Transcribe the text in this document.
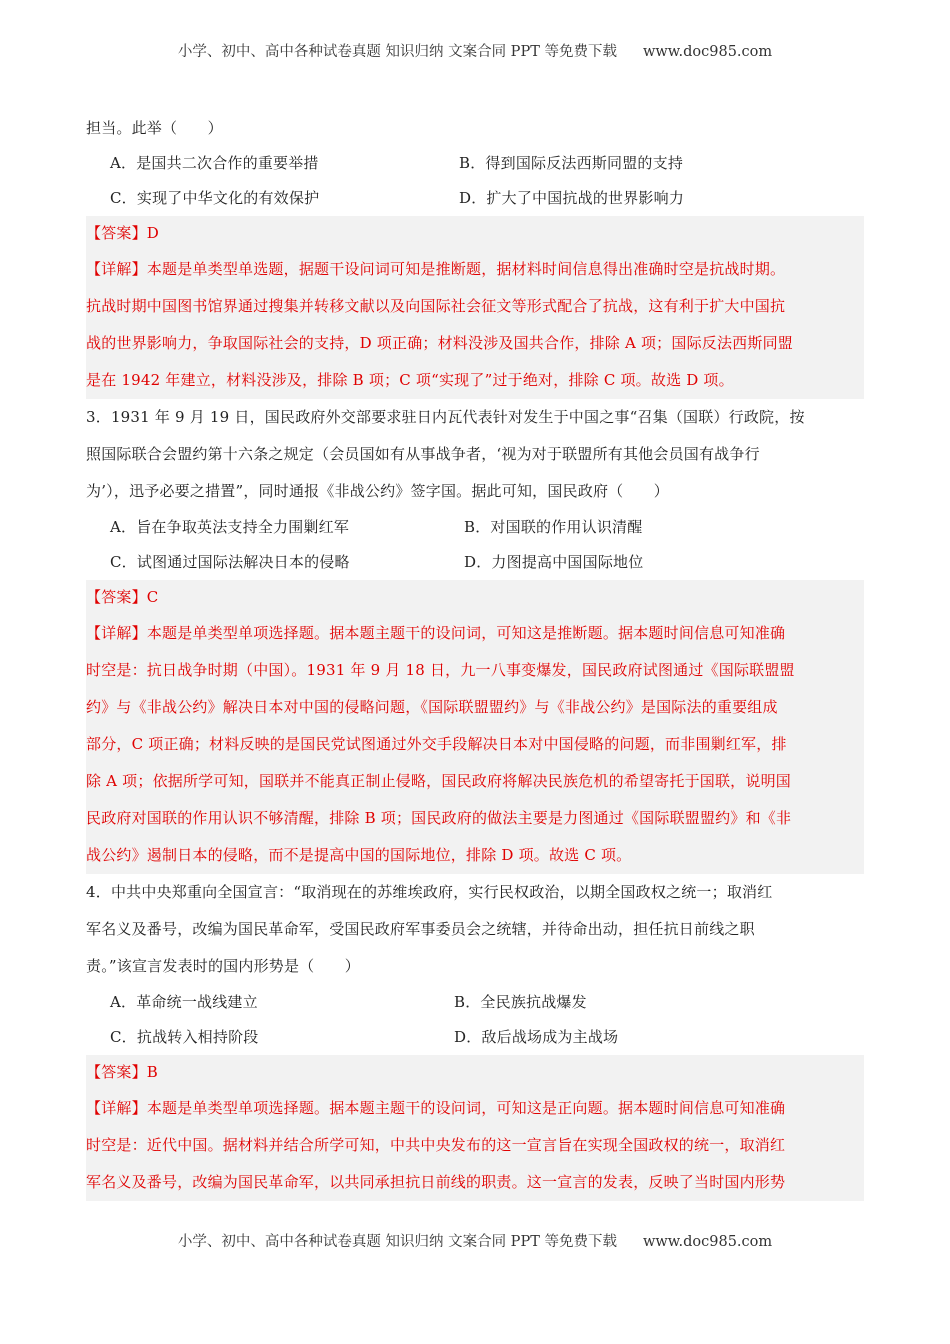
小学、初中、高中各种试卷真题 知识归纳 文案合同 PPT 等免费下载 www.doc985.com
担当。此举（　　）
A．是国共二次合作的重要举措	B．得到国际反法西斯同盟的支持
C．实现了中华文化的有效保护	D．扩大了中国抗战的世界影响力
【答案】D
【详解】本题是单类型单选题，据题干设问词可知是推断题，据材料时间信息得出准确时空是抗战时期。
抗战时期中国图书馆界通过搜集并转移文献以及向国际社会征文等形式配合了抗战，这有利于扩大中国抗
战的世界影响力，争取国际社会的支持，D 项正确；材料没涉及国共合作，排除 A 项；国际反法西斯同盟
是在 1942 年建立，材料没涉及，排除 B 项；C 项“实现了”过于绝对，排除 C 项。故选 D 项。
3．1931 年 9 月 19 日，国民政府外交部要求驻日内瓦代表针对发生于中国之事“召集（国联）行政院，按
照国际联合会盟约第十六条之规定（会员国如有从事战争者，‘视为对于联盟所有其他会员国有战争行
为’），迅予必要之措置”，同时通报《非战公约》签字国。据此可知，国民政府（　　）
A．旨在争取英法支持全力围剿红军	B．对国联的作用认识清醒
C．试图通过国际法解决日本的侵略	D．力图提高中国国际地位
【答案】C
【详解】本题是单类型单项选择题。据本题主题干的设问词，可知这是推断题。据本题时间信息可知准确
时空是：抗日战争时期（中国）。1931 年 9 月 18 日，九一八事变爆发，国民政府试图通过《国际联盟盟
约》与《非战公约》解决日本对中国的侵略问题，《国际联盟盟约》与《非战公约》是国际法的重要组成
部分，C 项正确；材料反映的是国民党试图通过外交手段解决日本对中国侵略的问题，而非围剿红军，排
除 A 项；依据所学可知，国联并不能真正制止侵略，国民政府将解决民族危机的希望寄托于国联，说明国
民政府对国联的作用认识不够清醒，排除 B 项；国民政府的做法主要是力图通过《国际联盟盟约》和《非
战公约》遏制日本的侵略，而不是提高中国的国际地位，排除 D 项。故选 C 项。
4．中共中央郑重向全国宣言：“取消现在的苏维埃政府，实行民权政治，以期全国政权之统一；取消红
军名义及番号，改编为国民革命军，受国民政府军事委员会之统辖，并待命出动，担任抗日前线之职
责。”该宣言发表时的国内形势是（　　）
A．革命统一战线建立	B．全民族抗战爆发
C．抗战转入相持阶段	D．敌后战场成为主战场
【答案】B
【详解】本题是单类型单项选择题。据本题主题干的设问词，可知这是正向题。据本题时间信息可知准确
时空是：近代中国。据材料并结合所学可知，中共中央发布的这一宣言旨在实现全国政权的统一，取消红
军名义及番号，改编为国民革命军，以共同承担抗日前线的职责。这一宣言的发表，反映了当时国内形势
小学、初中、高中各种试卷真题 知识归纳 文案合同 PPT 等免费下载 www.doc985.com
